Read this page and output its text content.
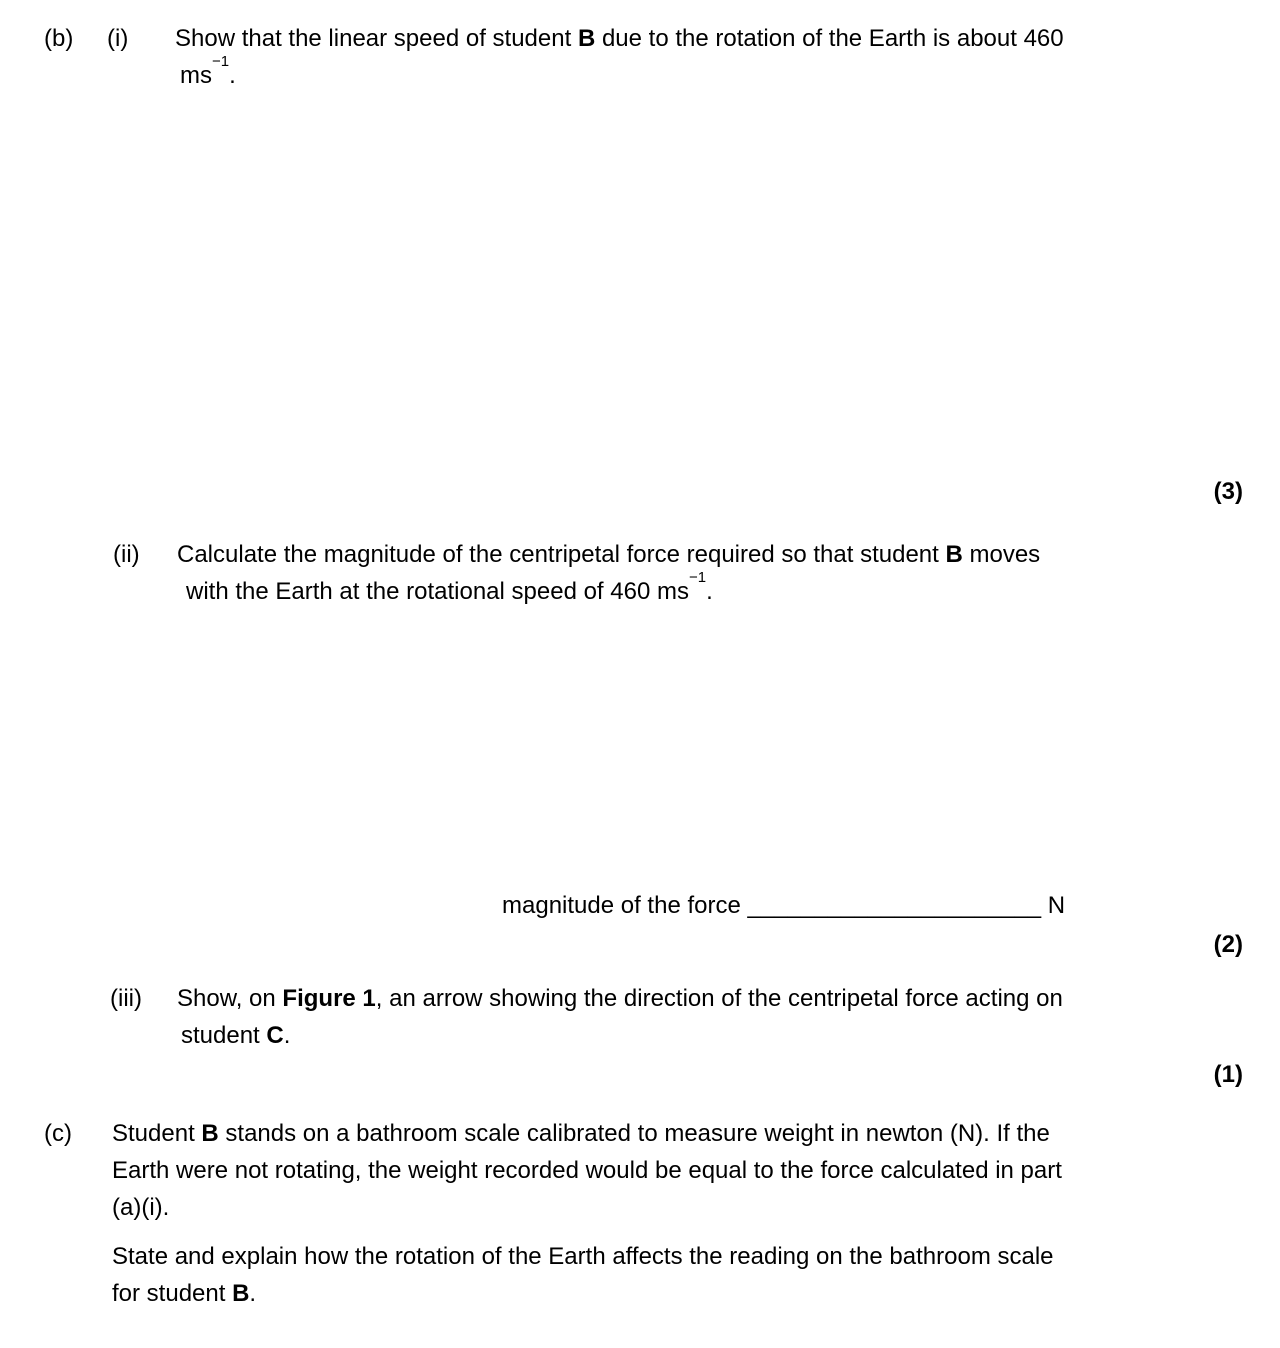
(b) (i) Show that the linear speed of student B due to the rotation of the Earth is about 460
$ms^{-1}$.
(3)
(ii) Calculate the magnitude of the centripetal force required so that student B moves
with the Earth at the rotational speed of 460 $ms^{-1}$.
magnitude of the force ______________________ N
(2)
(iii) Show, on Figure 1, an arrow showing the direction of the centripetal force acting on
student C.
(1)
(c) Student B stands on a bathroom scale calibrated to measure weight in newton (N). If the
Earth were not rotating, the weight recorded would be equal to the force calculated in part
(a)(i).
State and explain how the rotation of the Earth affects the reading on the bathroom scale
for student B.
